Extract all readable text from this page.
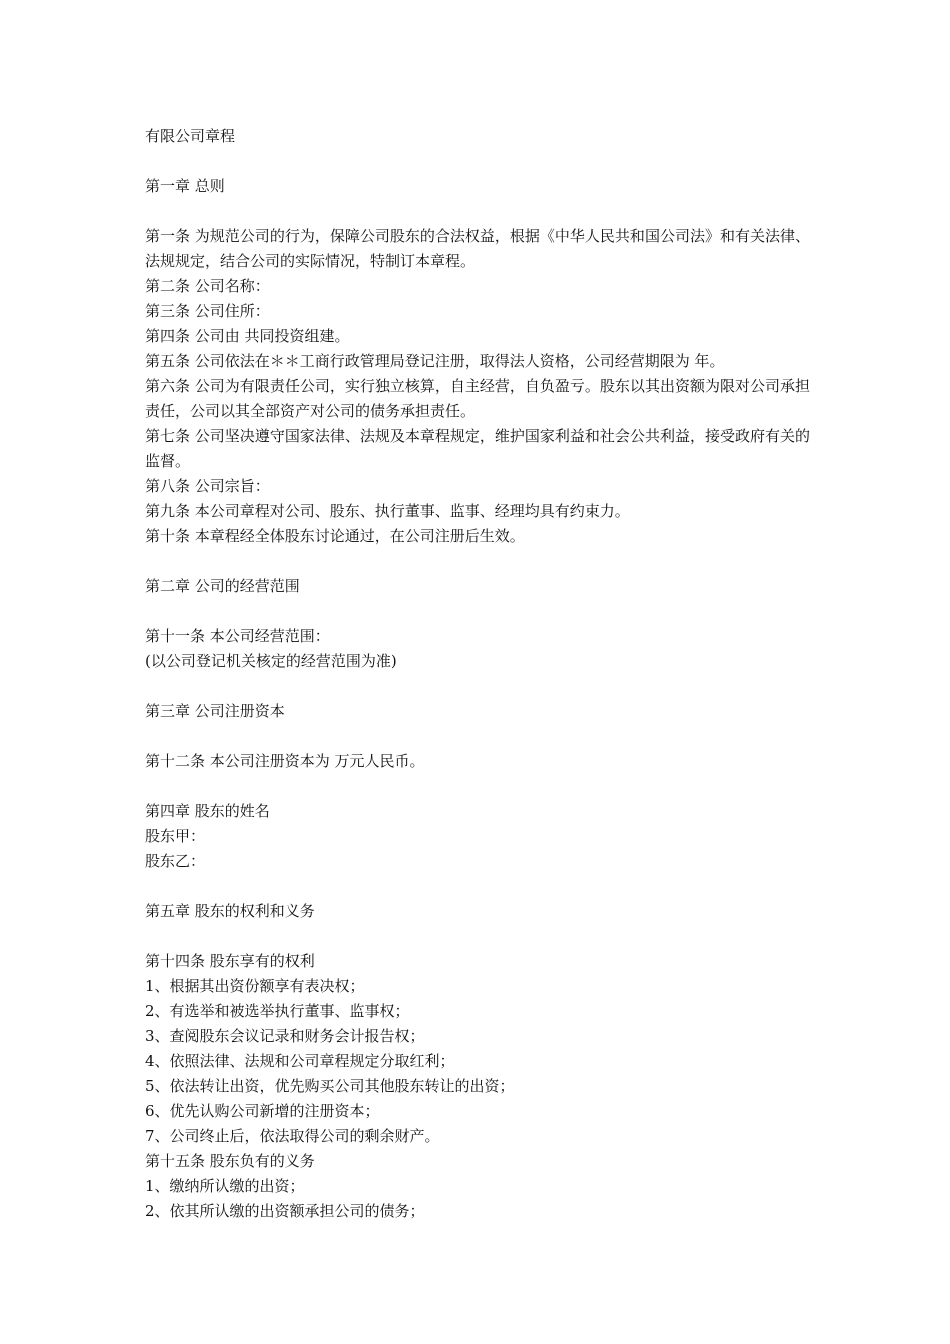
有限公司章程

第一章 总则

第一条 为规范公司的行为，保障公司股东的合法权益，根据《中华人民共和国公司法》和有关法律、法规规定，结合公司的实际情况，特制订本章程。

第二条 公司名称：

第三条 公司住所：

第四条 公司由 共同投资组建。

第五条 公司依法在＊＊工商行政管理局登记注册，取得法人资格，公司经营期限为 年。

第六条 公司为有限责任公司，实行独立核算，自主经营，自负盈亏。股东以其出资额为限对公司承担责任，公司以其全部资产对公司的债务承担责任。

第七条 公司坚决遵守国家法律、法规及本章程规定，维护国家利益和社会公共利益，接受政府有关的监督。

第八条 公司宗旨：

第九条 本公司章程对公司、股东、执行董事、监事、经理均具有约束力。

第十条 本章程经全体股东讨论通过，在公司注册后生效。

第二章 公司的经营范围

第十一条 本公司经营范围：

(以公司登记机关核定的经营范围为准)

第三章 公司注册资本

第十二条 本公司注册资本为 万元人民币。

第四章 股东的姓名

股东甲：

股东乙：

第五章 股东的权利和义务

第十四条 股东享有的权利

1、根据其出资份额享有表决权；

2、有选举和被选举执行董事、监事权；

3、查阅股东会议记录和财务会计报告权；

4、依照法律、法规和公司章程规定分取红利；

5、依法转让出资，优先购买公司其他股东转让的出资；

6、优先认购公司新增的注册资本；

7、公司终止后，依法取得公司的剩余财产。

第十五条 股东负有的义务

1、缴纳所认缴的出资；

2、依其所认缴的出资额承担公司的债务；
